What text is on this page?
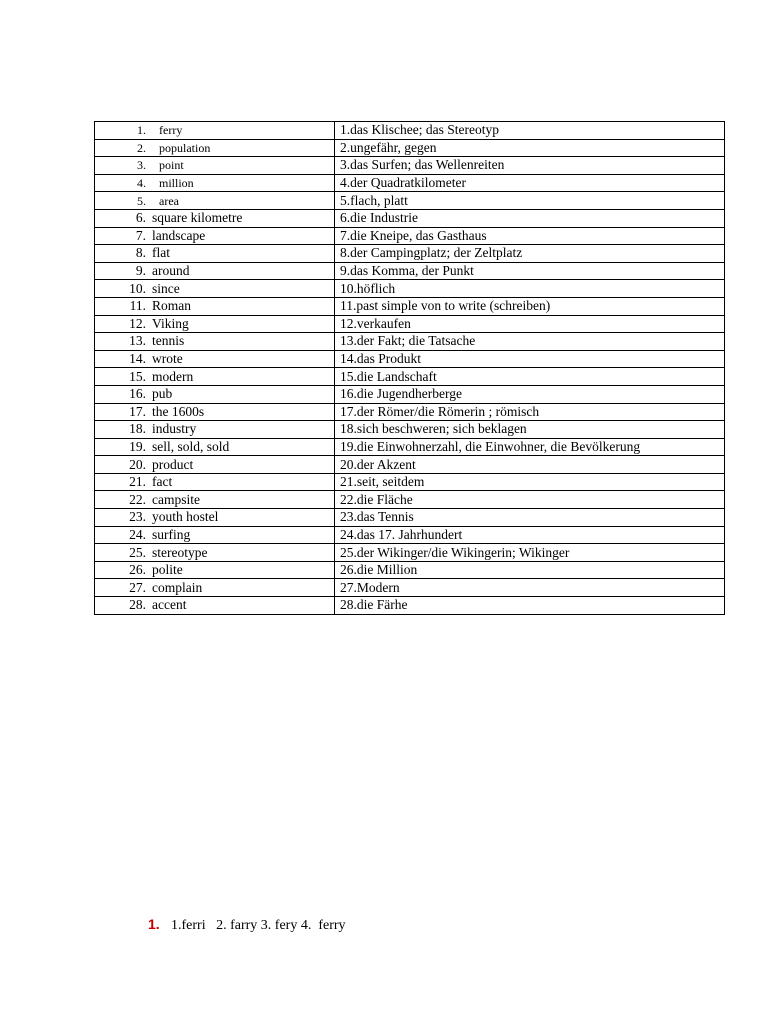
1. ferry	1.das Klischee; das Stereotyp
2. population	2.ungefähr, gegen
3. point	3.das Surfen; das Wellenreiten
4. million	4.der Quadratkilometer
5. area	5.flach, platt
6. square kilometre	6.die Industrie
7. landscape	7.die Kneipe, das Gasthaus
8. flat	8.der Campingplatz; der Zeltplatz
9. around	9.das Komma, der Punkt
10. since	10.höflich
11. Roman	11.past simple von to write (schreiben)
12. Viking	12.verkaufen
13. tennis	13.der Fakt; die Tatsache
14. wrote	14.das Produkt
15. modern	15.die Landschaft
16. pub	16.die Jugendherberge
17. the 1600s	17.der Römer/die Römerin ; römisch
18. industry	18.sich beschweren; sich beklagen
19. sell, sold, sold	19.die Einwohnerzahl, die Einwohner, die Bevölkerung
20. product	20.der Akzent
21. fact	21.seit, seitdem
22. campsite	22.die Fläche
23. youth hostel	23.das Tennis
24. surfing	24.das 17. Jahrhundert
25. stereotype	25.der Wikinger/die Wikingerin; Wikinger
26. polite	26.die Million
27. complain	27.Modern
28. accent	28.die Färhe
1. 1.ferri   2. farry 3. fery 4.  ferry
